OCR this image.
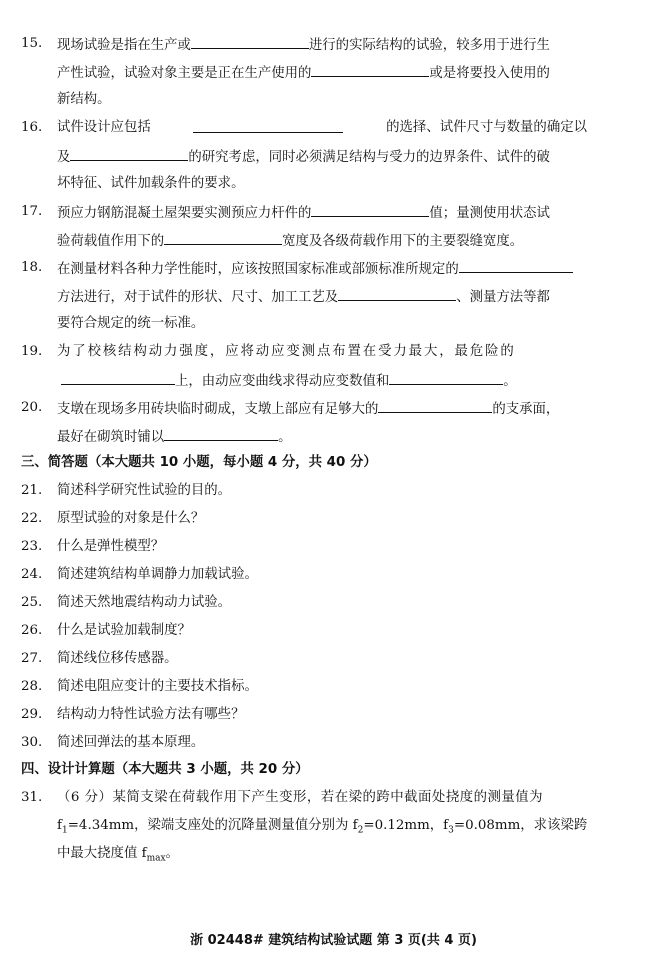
15. 现场试验是指在生产或	进行的实际结构的试验，较多用于进行生
产性试验，试验对象主要是正在生产使用的	或是将要投入使用的
新结构。
16. 试件设计应包括	的选择、试件尺寸与数量的确定以
及	的研究考虑，同时必须满足结构与受力的边界条件、试件的破
坏特征、试件加载条件的要求。
17. 预应力钢筋混凝土屋架要实测预应力杆件的	值；量测使用状态试
验荷载值作用下的	宽度及各级荷载作用下的主要裂缝宽度。
18. 在测量材料各种力学性能时，应该按照国家标准或部颁标准所规定的
方法进行，对于试件的形状、尺寸、加工工艺及	、测量方法等都
要符合规定的统一标准。
19. 为了校核结构动力强度，应将动应变测点布置在受力最大，最危险的
上，由动应变曲线求得动应变数值和	。
20. 支墩在现场多用砖块临时砌成，支墩上部应有足够大的	的支承面，
最好在砌筑时铺以	。
三、简答题（本大题共 10 小题，每小题 4 分，共 40 分）
21. 简述科学研究性试验的目的。
22. 原型试验的对象是什么？
23. 什么是弹性模型？
24. 简述建筑结构单调静力加载试验。
25. 简述天然地震结构动力试验。
26. 什么是试验加载制度？
27. 简述线位移传感器。
28. 简述电阻应变计的主要技术指标。
29. 结构动力特性试验方法有哪些？
30. 简述回弹法的基本原理。
四、设计计算题（本大题共 3 小题，共 20 分）
31. （6 分）某简支梁在荷载作用下产生变形，若在梁的跨中截面处挠度的测量值为
$f_1=4.34mm$，梁端支座处的沉降量测量值分别为 $f_2=0.12mm$，$f_3=0.08mm$，求该梁跨
中最大挠度值 $f_{max}$。
浙 02448# 建筑结构试验试题 第 3 页(共 4 页)
